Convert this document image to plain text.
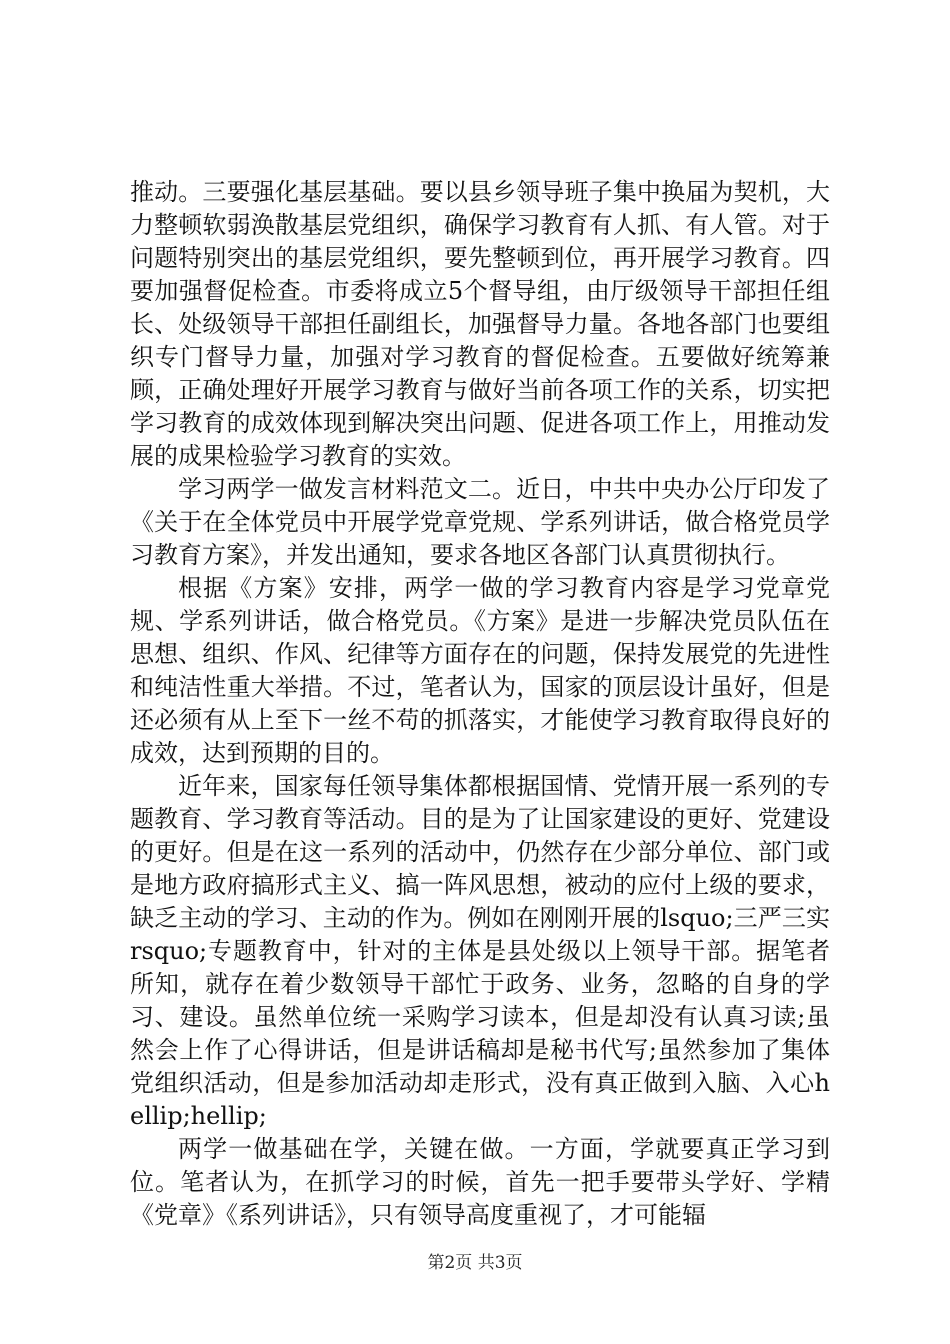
推动。三要强化基层基础。要以县乡领导班子集中换届为契机，大力整顿软弱涣散基层党组织，确保学习教育有人抓、有人管。对于问题特别突出的基层党组织，要先整顿到位，再开展学习教育。四要加强督促检查。市委将成立5个督导组，由厅级领导干部担任组长、处级领导干部担任副组长，加强督导力量。各地各部门也要组织专门督导力量，加强对学习教育的督促检查。五要做好统筹兼顾，正确处理好开展学习教育与做好当前各项工作的关系，切实把学习教育的成效体现到解决突出问题、促进各项工作上，用推动发展的成果检验学习教育的实效。

学习两学一做发言材料范文二。近日，中共中央办公厅印发了《关于在全体党员中开展学党章党规、学系列讲话，做合格党员学习教育方案》，并发出通知，要求各地区各部门认真贯彻执行。

根据《方案》安排，两学一做的学习教育内容是学习党章党规、学系列讲话，做合格党员。《方案》是进一步解决党员队伍在思想、组织、作风、纪律等方面存在的问题，保持发展党的先进性和纯洁性重大举措。不过，笔者认为，国家的顶层设计虽好，但是还必须有从上至下一丝不苟的抓落实，才能使学习教育取得良好的成效，达到预期的目的。

近年来，国家每任领导集体都根据国情、党情开展一系列的专题教育、学习教育等活动。目的是为了让国家建设的更好、党建设的更好。但是在这一系列的活动中，仍然存在少部分单位、部门或是地方政府搞形式主义、搞一阵风思想，被动的应付上级的要求，缺乏主动的学习、主动的作为。例如在刚刚开展的lsquo;三严三实rsquo;专题教育中，针对的主体是县处级以上领导干部。据笔者所知，就存在着少数领导干部忙于政务、业务，忽略的自身的学习、建设。虽然单位统一采购学习读本，但是却没有认真习读;虽然会上作了心得讲话，但是讲话稿却是秘书代写;虽然参加了集体党组织活动，但是参加活动却走形式，没有真正做到入脑、入心hellip;hellip;

两学一做基础在学，关键在做。一方面，学就要真正学习到位。笔者认为，在抓学习的时候，首先一把手要带头学好、学精《党章》《系列讲话》，只有领导高度重视了，才可能辐

第2页 共3页
